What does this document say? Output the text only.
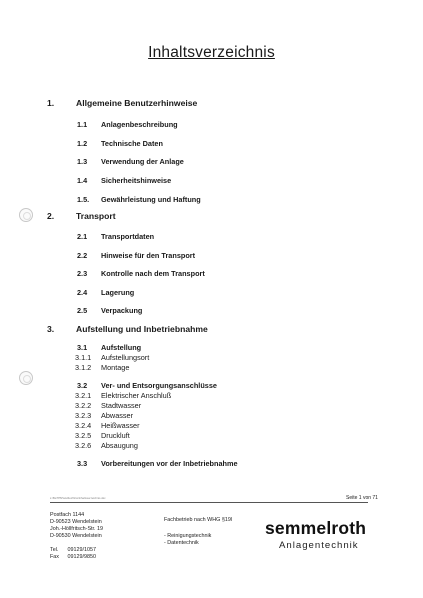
Inhaltsverzeichnis
1.	Allgemeine Benutzerhinweise
1.1 Anlagenbeschreibung
1.2 Technische Daten
1.3 Verwendung der Anlage
1.4 Sicherheitshinweise
1.5. Gewährleistung und Haftung
2.	Transport
2.1 Transportdaten
2.2 Hinweise für den Transport
2.3 Kontrolle nach dem Transport
2.4 Lagerung
2.5 Verpackung
3.	Aufstellung und Inbetriebnahme
3.1 Aufstellung
3.1.1 Aufstellungsort
3.1.2 Montage
3.2 Ver- und Entsorgungsanschlüsse
3.2.1 Elektrischer Anschluß
3.2.2 Stadtwasser
3.2.3 Abwasser
3.2.4 Heißwasser
3.2.5 Druckluft
3.2.6 Absaugung
3.3 Vorbereitungen vor der Inbetriebnahme
s:\Bs\HH\Handbuch\Fw\Inhaltsverzeichnis.doc	Seite 1 von 71
Postfach 1144
D-90523 Wendelstein
Joh.-Höllfritsch-Str. 19
D-90530 Wendelstein
Tel. 09129/1057
Fax 09129/9850
Fachbetrieb nach WHG §19l
- Reinigungstechnik
- Datentechnik
semmelroth
Anlagentechnik
